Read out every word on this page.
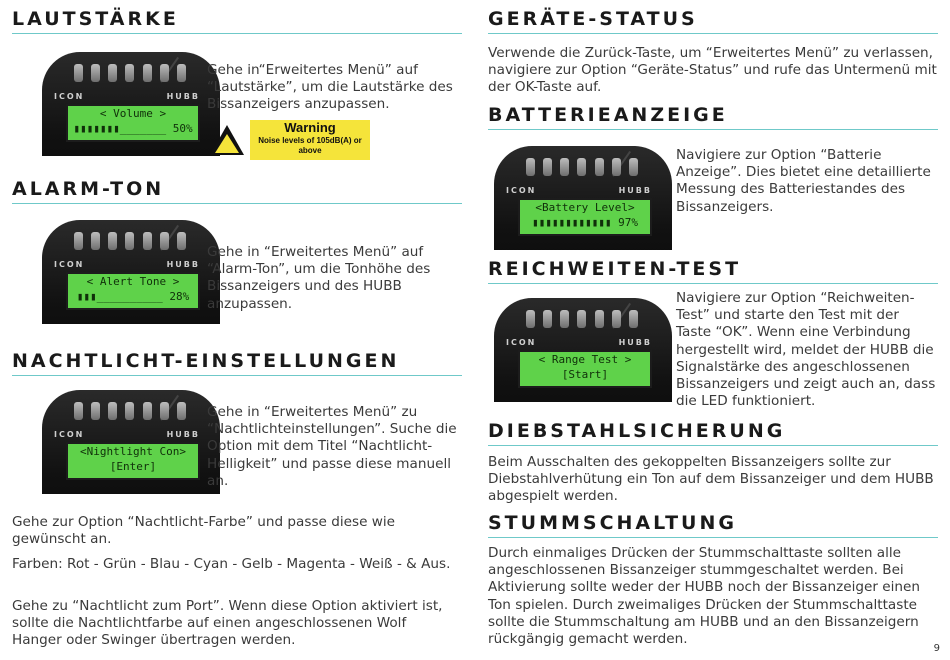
LAUTSTÄRKE
ICON	HUBB
< Volume >
▮▮▮▮▮▮▮_______ 50%

Gehe in“Erweitertes Menü” auf “Lautstärke”, um die Lautstärke des Bissanzeigers anzupassen.

Warning
Noise levels of 105dB(A) or above
ALARM-TON
ICON	HUBB
< Alert Tone >
▮▮▮__________ 28%

Gehe in “Erweitertes Menü” auf “Alarm-Ton”, um die Tonhöhe des Bissanzeigers und des HUBB anzupassen.

NACHTLICHT-EINSTELLUNGEN
ICON	HUBB
<Nightlight Con>
[Enter]

Gehe in “Erweitertes Menü” zu “Nachtlichteinstellungen”. Suche die Option mit dem Titel “Nachtlicht-Helligkeit” und passe diese manuell an.

Gehe zur Option “Nachtlicht-Farbe” und passe diese wie gewünscht an.

Farben: Rot - Grün - Blau - Cyan - Gelb - Magenta - Weiß - & Aus.

Gehe zu “Nachtlicht zum Port”. Wenn diese Option aktiviert ist, sollte die Nachtlichtfarbe auf einen angeschlossenen Wolf Hanger oder Swinger übertragen werden.

GERÄTE-STATUS

Verwende die Zurück-Taste, um “Erweitertes Menü” zu verlassen, navigiere zur Option “Geräte-Status” und rufe das Untermenü mit der OK-Taste auf.

BATTERIEANZEIGE
ICON	HUBB
<Battery Level>
▮▮▮▮▮▮▮▮▮▮▮▮ 97%

Navigiere zur Option “Batterie Anzeige”. Dies bietet eine detaillierte Messung des Batteriestandes des Bissanzeigers.

REICHWEITEN-TEST
ICON	HUBB
< Range Test >
[Start]

Navigiere zur Option “Reichweiten-Test” und starte den Test mit der Taste “OK”. Wenn eine Verbindung hergestellt wird, meldet der HUBB die Signalstärke des angeschlossenen Bissanzeigers und zeigt auch an, dass die LED funktioniert.

DIEBSTAHLSICHERUNG

Beim Ausschalten des gekoppelten Bissanzeigers sollte zur Diebstahlverhütung ein Ton auf dem Bissanzeiger und dem HUBB abgespielt werden.

STUMMSCHALTUNG

Durch einmaliges Drücken der Stummschalttaste sollten alle angeschlossenen Bissanzeiger stummgeschaltet werden. Bei Aktivierung sollte weder der HUBB noch der Bissanzeiger einen Ton spielen. Durch zweimaliges Drücken der Stummschalttaste sollte die Stummschaltung am HUBB und an den Bissanzeigern rückgängig gemacht werden.

9
